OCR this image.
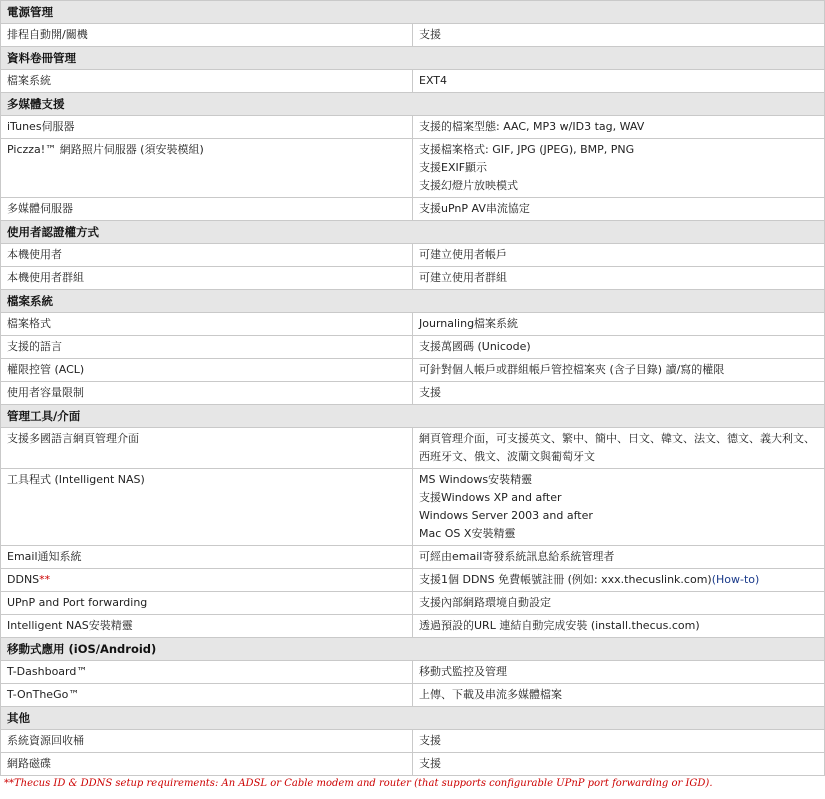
電源管理	
排程自動開/關機	支援

資料卷冊管理	
檔案系統	EXT4

多媒體支援	
iTunes伺服器	支援的檔案型態: AAC, MP3 w/ID3 tag, WAV

Piczza!™ 網路照片伺服器 (須安裝模組)	支援檔案格式: GIF, JPG (JPEG), BMP, PNG
支援EXIF顯示
支援幻燈片放映模式

多媒體伺服器	支援uPnP AV串流協定

使用者認證權方式	
本機使用者	可建立使用者帳戶

本機使用者群組	可建立使用者群組

檔案系統	
檔案格式	Journaling檔案系統

支援的語言	支援萬國碼 (Unicode)

權限控管 (ACL)	可針對個人帳戶或群組帳戶管控檔案夾 (含子目錄) 讀/寫的權限

使用者容量限制	支援

管理工具/介面	
支援多國語言網頁管理介面	網頁管理介面，可支援英文、繁中、簡中、日文、韓文、法文、德文、義大利文、西班牙文、俄文、波蘭文與葡萄牙文

工具程式 (Intelligent NAS)	MS Windows安裝精靈
支援Windows XP and after
Windows Server 2003 and after
Mac OS X安裝精靈

Email通知系統	可經由email寄發系統訊息給系統管理者

DDNS**	支援1個 DDNS 免費帳號註冊 (例如: xxx.thecuslink.com)(How-to)
UPnP and Port forwarding	支援內部網路環境自動設定

Intelligent NAS安裝精靈	透過預設的URL 連結自動完成安裝 (install.thecus.com)

移動式應用 (iOS/Android)	
T-Dashboard™	移動式監控及管理

T-OnTheGo™	上傳、下載及串流多媒體檔案

其他	
系統資源回收桶	支援

網路磁碟	支援
**Thecus ID & DDNS setup requirements: An ADSL or Cable modem and router (that supports configurable UPnP port forwarding or IGD).
